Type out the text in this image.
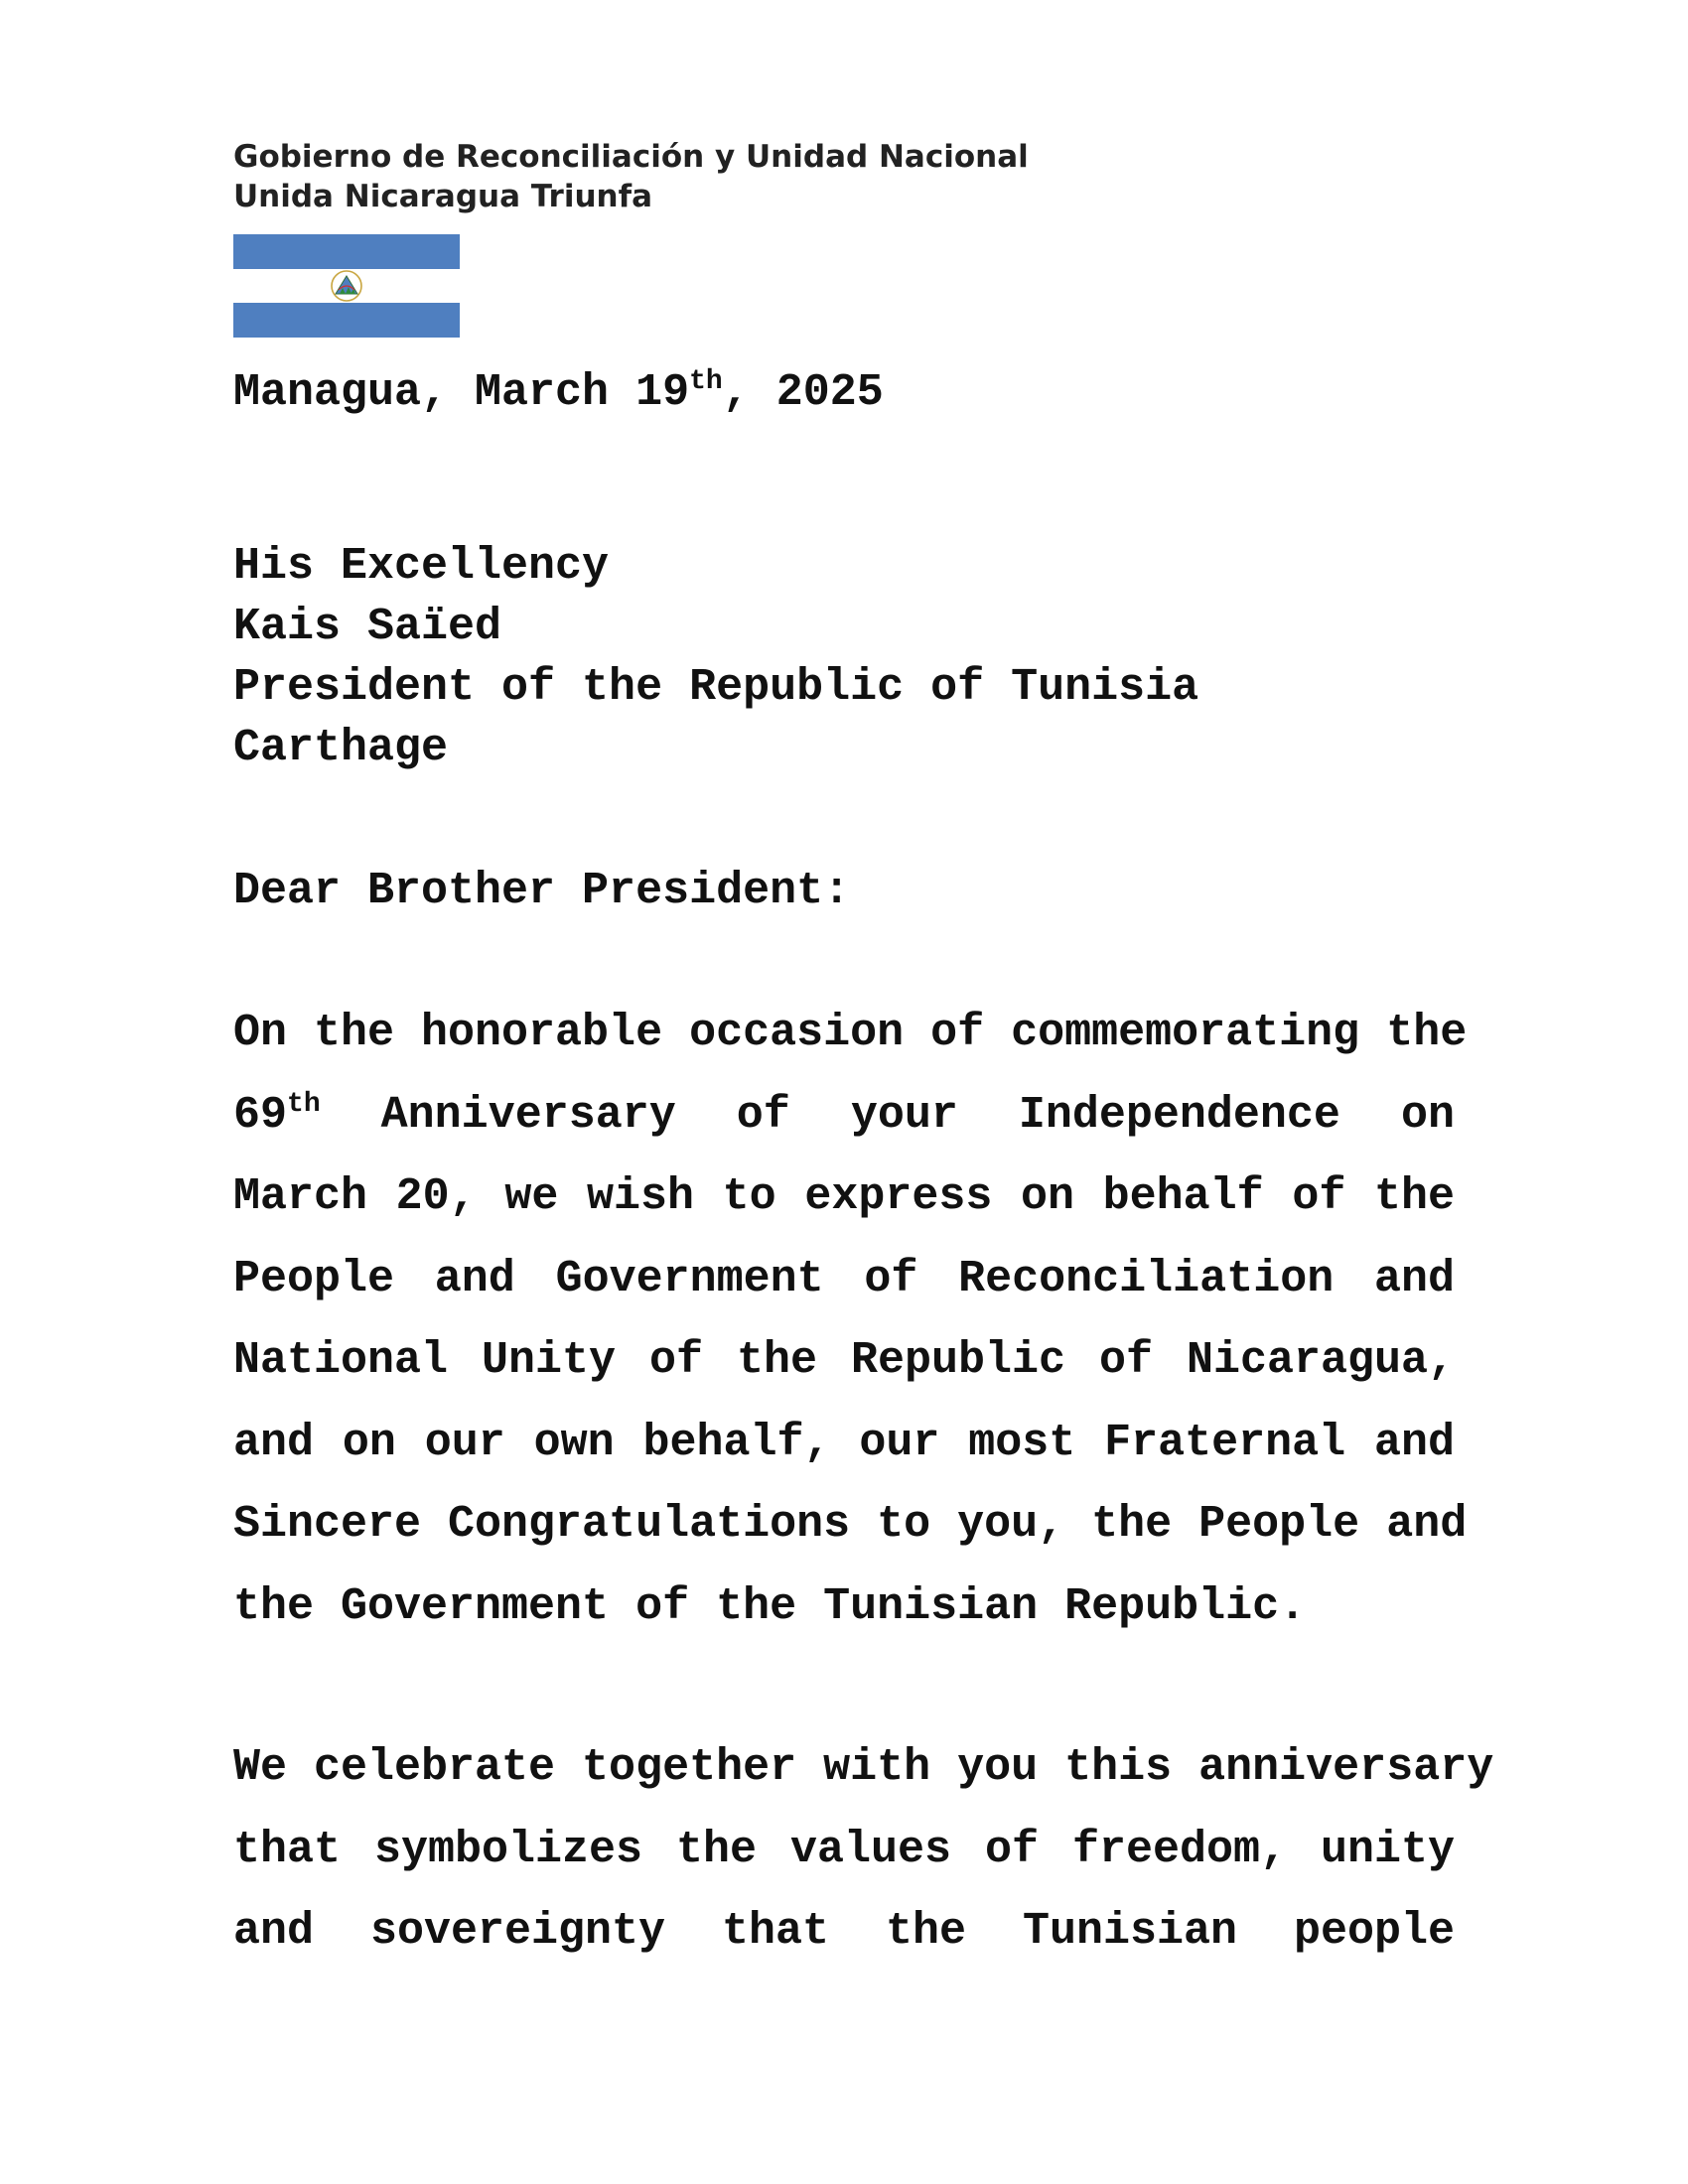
Gobierno de Reconciliación y Unidad Nacional
Unida Nicaragua Triunfa
Managua, March 19th, 2025
His Excellency
Kais Saïed
President of the Republic of Tunisia
Carthage
Dear Brother President:
On the honorable occasion of commemorating the
69th Anniversary of your Independence on
March 20, we wish to express on behalf of the
People and Government of Reconciliation and
National Unity of the Republic of Nicaragua,
and on our own behalf, our most Fraternal and
Sincere Congratulations to you, the People and
the Government of the Tunisian Republic.
We celebrate together with you this anniversary
that symbolizes the values of freedom, unity
and sovereignty that the Tunisian people
